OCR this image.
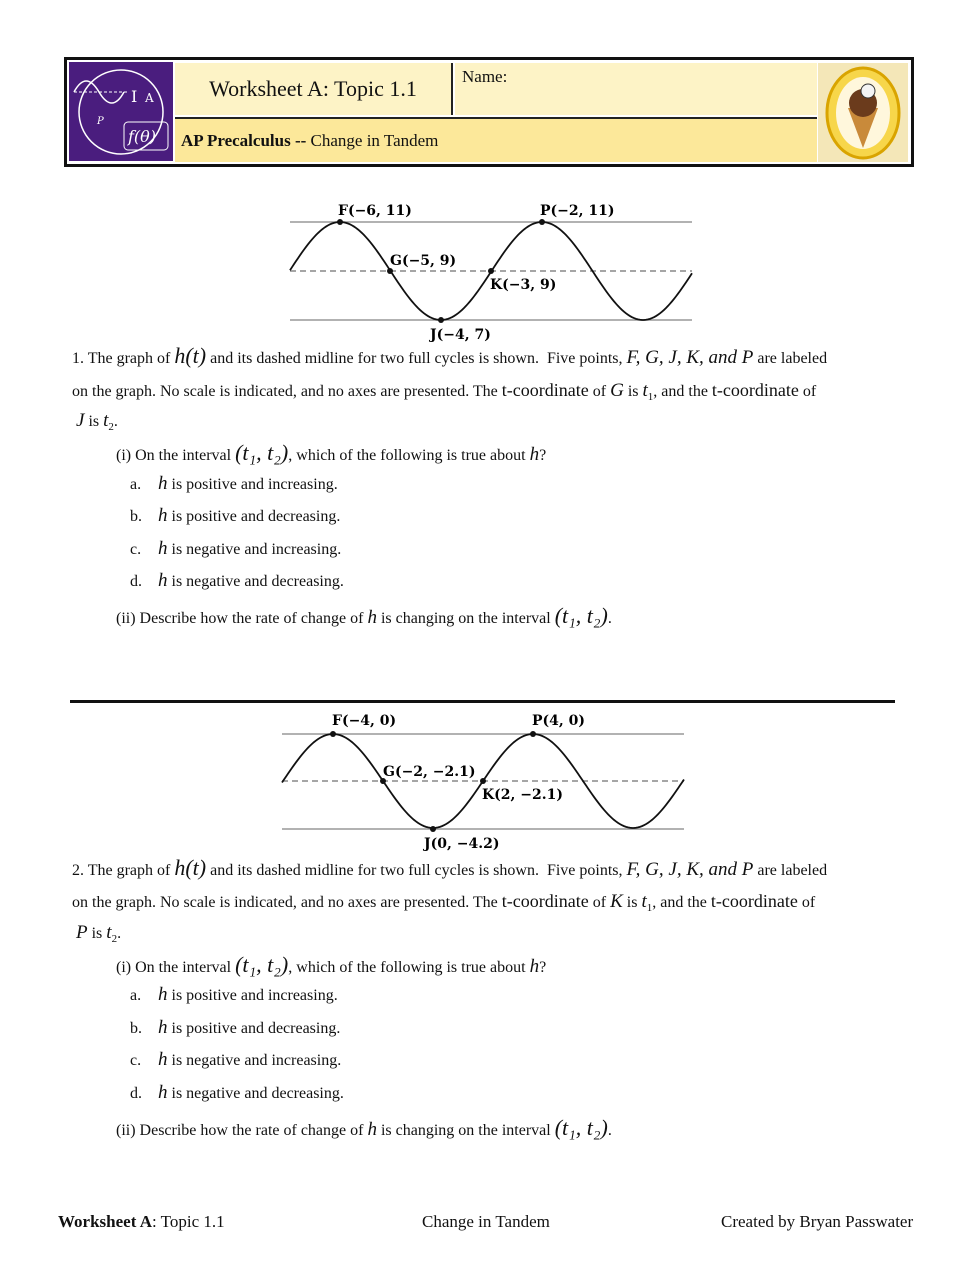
I A
P
f(θ)
Worksheet A: Topic 1.1	Name:
AP Precalculus -- Change in Tandem
F(−6, 11)	P(−2, 11)
G(−5, 9)
K(−3, 9)
J(−4, 7)
1. The graph of h(t) and its dashed midline for two full cycles is shown.  Five points, F, G, J, K, and P are labeled
on the graph. No scale is indicated, and no axes are presented. The t-coordinate of G is $t_1$, and the t-coordinate of
J is $t_2$.
(i) On the interval (t₁, t₂), which of the following is true about h?
a. h is positive and increasing.
b. h is positive and decreasing.
c. h is negative and increasing.
d. h is negative and decreasing.
(ii) Describe how the rate of change of h is changing on the interval (t₁, t₂).
F(−4, 0)	P(4, 0)
G(−2, −2.1)
K(2, −2.1)
J(0, −4.2)
2. The graph of h(t) and its dashed midline for two full cycles is shown.  Five points, F, G, J, K, and P are labeled
on the graph. No scale is indicated, and no axes are presented. The t-coordinate of K is $t_1$, and the t-coordinate of
P is $t_2$.
(i) On the interval (t₁, t₂), which of the following is true about h?
a. h is positive and increasing.
b. h is positive and decreasing.
c. h is negative and increasing.
d. h is negative and decreasing.
(ii) Describe how the rate of change of h is changing on the interval (t₁, t₂).
Worksheet A: Topic 1.1	Change in Tandem	Created by Bryan Passwater
